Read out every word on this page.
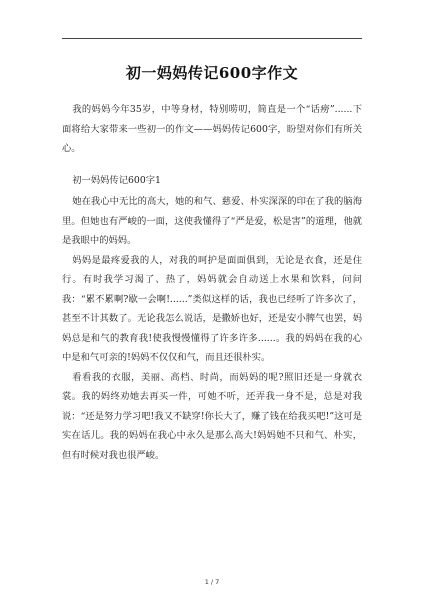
初一妈妈传记600字作文

我的妈妈今年35岁，中等身材，特别唠叨，简直是一个“话痨”......下面将给大家带来一些初一的作文——妈妈传记600字，盼望对你们有所关心。

初一妈妈传记600字1

她在我心中无比的高大，她的和气、慈爱、朴实深深的印在了我的脑海里。但她也有严峻的一面，这使我懂得了“严是爱，松是害”的道理，他就是我眼中的妈妈。

妈妈是最疼爱我的人，对我的呵护是面面俱到，无论是衣食，还是住行。有时我学习渴了、热了，妈妈就会自动送上水果和饮料，问问我：“累不累啊?歇一会啊!......”类似这样的话，我也已经听了许多次了，甚至不计其数了。无论我怎么说话，是撒娇也好，还是安小脾气也罢，妈妈总是和气的教育我!使我慢慢懂得了许多许多......。我的妈妈在我的心中是和气可亲的!妈妈不仅仅和气，而且还很朴实。

看看我的衣服，美丽、高档、时尚，而妈妈的呢?照旧还是一身就衣裳。我的妈终劝她去再买一件，可她不听，还弄我一身不是，总是对我说：“还是努力学习吧!我又不缺穿!你长大了，赚了钱在给我买吧!”这可是实在话儿。我的妈妈在我心中永久是那么高大!妈妈她不只和气、朴实，但有时候对我也很严峻。

1 / 7
